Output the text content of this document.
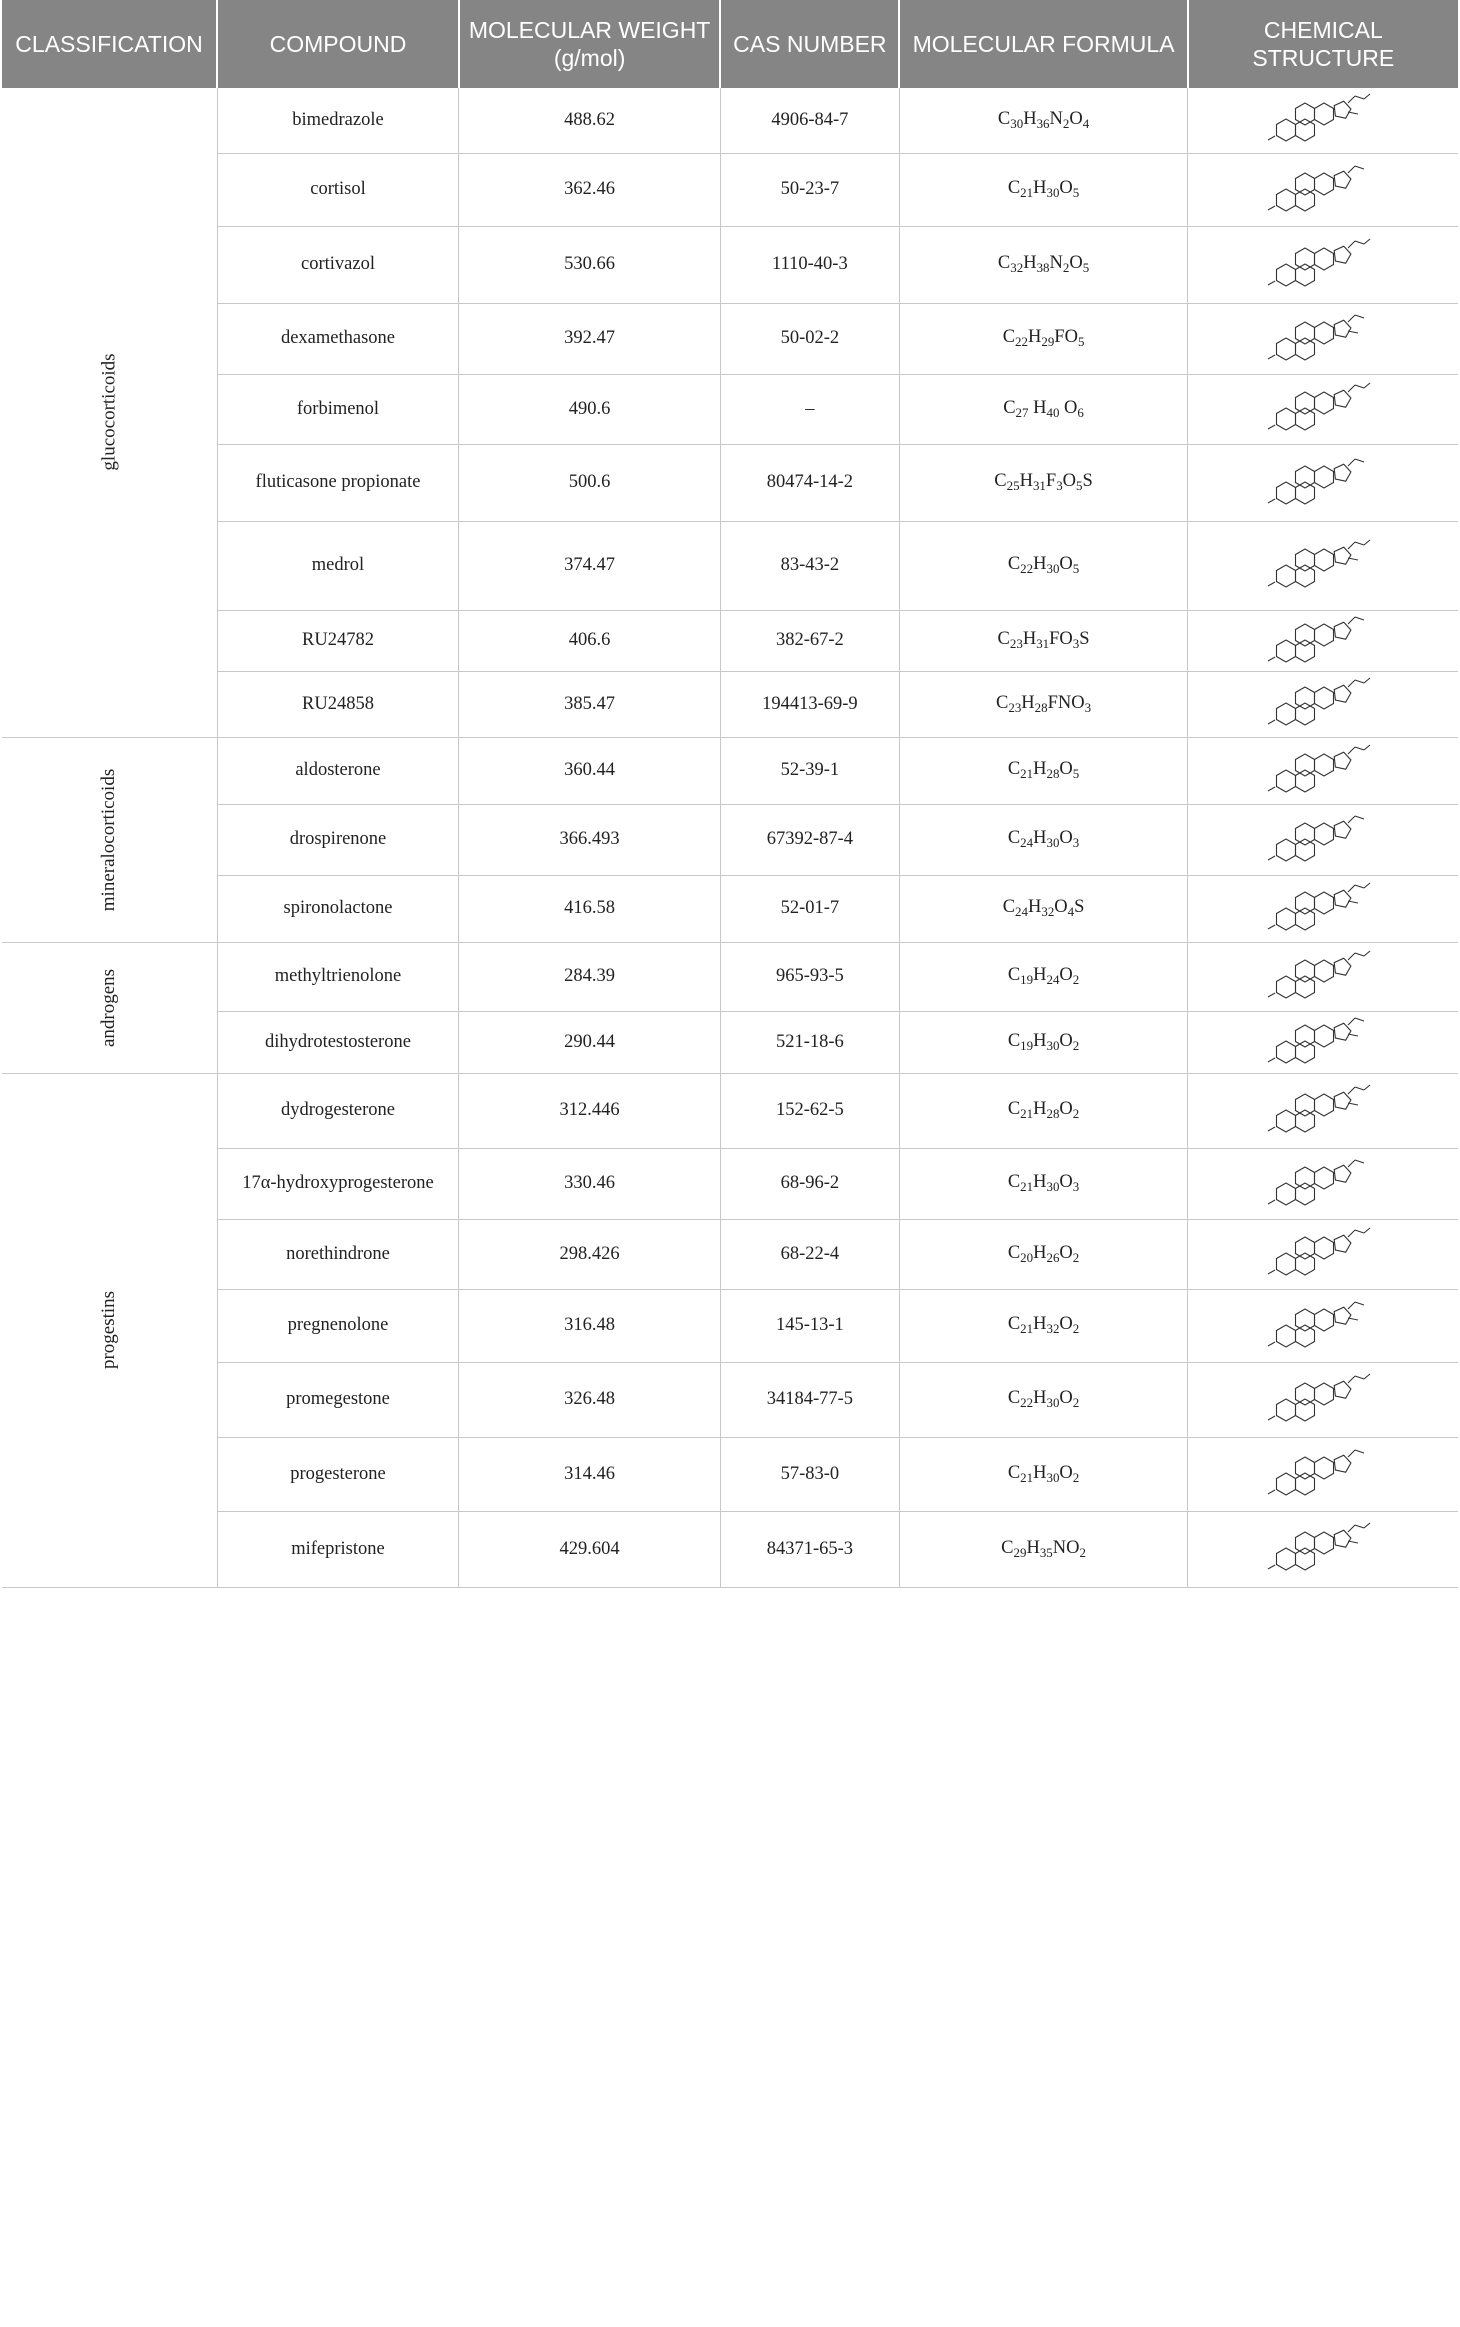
CLASSIFICATION	COMPOUND	MOLECULAR WEIGHT (g/mol)	CAS NUMBER	MOLECULAR FORMULA	CHEMICAL STRUCTURE
glucocorticoids	bimedrazole	488.62	4906-84-7	$C_{30}H_{36}N_2O_4$	

	cortisol	362.46	50-23-7	$C_{21}H_{30}O_5$	

	cortivazol	530.66	1110-40-3	$C_{32}H_{38}N_2O_5$	

	dexamethasone	392.47	50-02-2	$C_{22}H_{29}FO_5$	

	forbimenol	490.6	–	$C_{27}$ $H_{40}$ $O_6$	

	fluticasone propionate	500.6	80474-14-2	$C_{25}H_{31}F_3O_5S$	

	medrol	374.47	83-43-2	$C_{22}H_{30}O_5$	

	RU24782	406.6	382-67-2	$C_{23}H_{31}FO_3S$	

	RU24858	385.47	194413-69-9	$C_{23}H_{28}FNO_3$	

mineralocorticoids	aldosterone	360.44	52-39-1	$C_{21}H_{28}O_5$	

	drospirenone	366.493	67392-87-4	$C_{24}H_{30}O_3$	

	spironolactone	416.58	52-01-7	$C_{24}H_{32}O_4S$	

androgens	methyltrienolone	284.39	965-93-5	$C_{19}H_{24}O_2$	

	dihydrotestosterone	290.44	521-18-6	$C_{19}H_{30}O_2$	

progestins	dydrogesterone	312.446	152-62-5	$C_{21}H_{28}O_2$	

	17α-hydroxyprogesterone	330.46	68-96-2	$C_{21}H_{30}O_3$	

	norethindrone	298.426	68-22-4	$C_{20}H_{26}O_2$	

	pregnenolone	316.48	145-13-1	$C_{21}H_{32}O_2$	

	promegestone	326.48	34184-77-5	$C_{22}H_{30}O_2$	

	progesterone	314.46	57-83-0	$C_{21}H_{30}O_2$	

	mifepristone	429.604	84371-65-3	$C_{29}H_{35}NO_2$	
